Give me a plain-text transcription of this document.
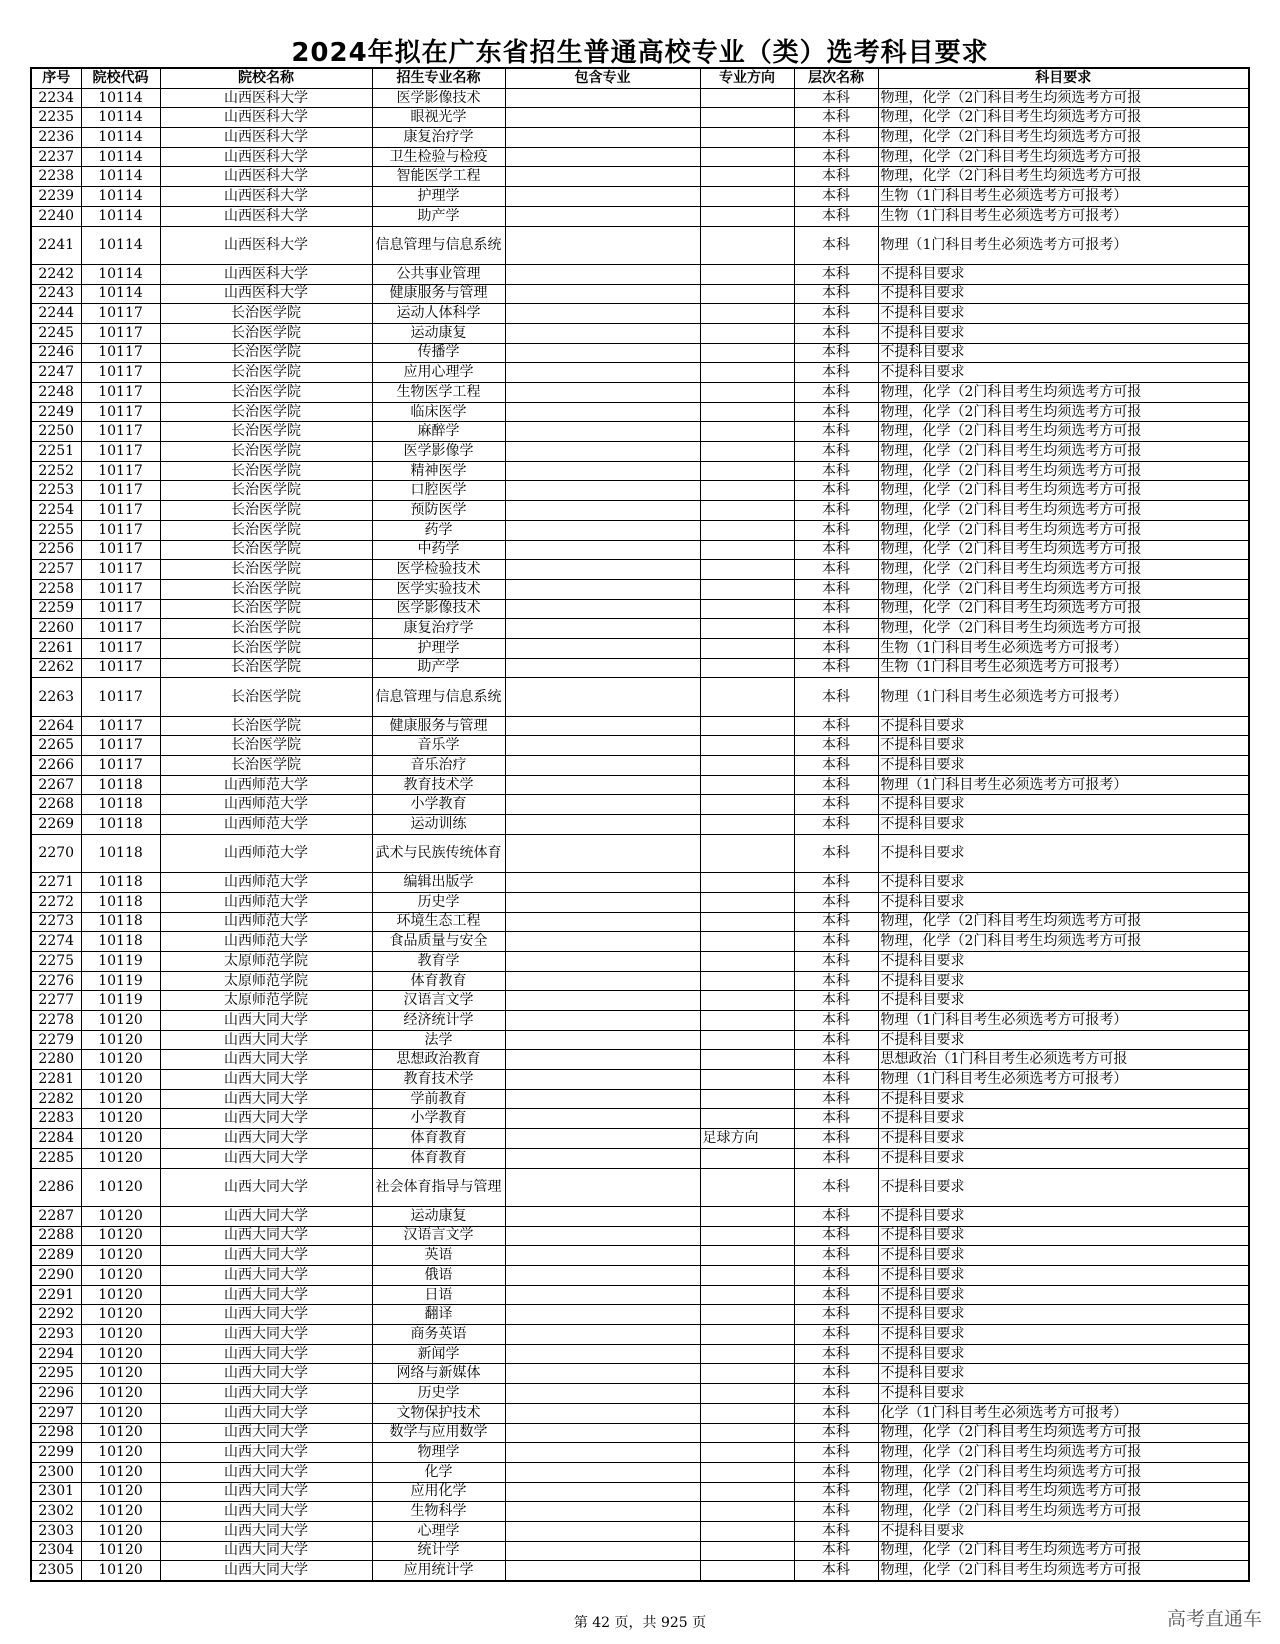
2024年拟在广东省招生普通高校专业（类）选考科目要求
序号	院校代码	院校名称	招生专业名称	包含专业	专业方向	层次名称	科目要求
2234	10114	山西医科大学	医学影像技术			本科	物理，化学（2门科目考生均须选考方可报
2235	10114	山西医科大学	眼视光学			本科	物理，化学（2门科目考生均须选考方可报
2236	10114	山西医科大学	康复治疗学			本科	物理，化学（2门科目考生均须选考方可报
2237	10114	山西医科大学	卫生检验与检疫			本科	物理，化学（2门科目考生均须选考方可报
2238	10114	山西医科大学	智能医学工程			本科	物理，化学（2门科目考生均须选考方可报
2239	10114	山西医科大学	护理学			本科	生物（1门科目考生必须选考方可报考）
2240	10114	山西医科大学	助产学			本科	生物（1门科目考生必须选考方可报考）
2241	10114	山西医科大学	信息管理与信息系统			本科	物理（1门科目考生必须选考方可报考）
2242	10114	山西医科大学	公共事业管理			本科	不提科目要求
2243	10114	山西医科大学	健康服务与管理			本科	不提科目要求
2244	10117	长治医学院	运动人体科学			本科	不提科目要求
2245	10117	长治医学院	运动康复			本科	不提科目要求
2246	10117	长治医学院	传播学			本科	不提科目要求
2247	10117	长治医学院	应用心理学			本科	不提科目要求
2248	10117	长治医学院	生物医学工程			本科	物理，化学（2门科目考生均须选考方可报
2249	10117	长治医学院	临床医学			本科	物理，化学（2门科目考生均须选考方可报
2250	10117	长治医学院	麻醉学			本科	物理，化学（2门科目考生均须选考方可报
2251	10117	长治医学院	医学影像学			本科	物理，化学（2门科目考生均须选考方可报
2252	10117	长治医学院	精神医学			本科	物理，化学（2门科目考生均须选考方可报
2253	10117	长治医学院	口腔医学			本科	物理，化学（2门科目考生均须选考方可报
2254	10117	长治医学院	预防医学			本科	物理，化学（2门科目考生均须选考方可报
2255	10117	长治医学院	药学			本科	物理，化学（2门科目考生均须选考方可报
2256	10117	长治医学院	中药学			本科	物理，化学（2门科目考生均须选考方可报
2257	10117	长治医学院	医学检验技术			本科	物理，化学（2门科目考生均须选考方可报
2258	10117	长治医学院	医学实验技术			本科	物理，化学（2门科目考生均须选考方可报
2259	10117	长治医学院	医学影像技术			本科	物理，化学（2门科目考生均须选考方可报
2260	10117	长治医学院	康复治疗学			本科	物理，化学（2门科目考生均须选考方可报
2261	10117	长治医学院	护理学			本科	生物（1门科目考生必须选考方可报考）
2262	10117	长治医学院	助产学			本科	生物（1门科目考生必须选考方可报考）
2263	10117	长治医学院	信息管理与信息系统			本科	物理（1门科目考生必须选考方可报考）
2264	10117	长治医学院	健康服务与管理			本科	不提科目要求
2265	10117	长治医学院	音乐学			本科	不提科目要求
2266	10117	长治医学院	音乐治疗			本科	不提科目要求
2267	10118	山西师范大学	教育技术学			本科	物理（1门科目考生必须选考方可报考）
2268	10118	山西师范大学	小学教育			本科	不提科目要求
2269	10118	山西师范大学	运动训练			本科	不提科目要求
2270	10118	山西师范大学	武术与民族传统体育			本科	不提科目要求
2271	10118	山西师范大学	编辑出版学			本科	不提科目要求
2272	10118	山西师范大学	历史学			本科	不提科目要求
2273	10118	山西师范大学	环境生态工程			本科	物理，化学（2门科目考生均须选考方可报
2274	10118	山西师范大学	食品质量与安全			本科	物理，化学（2门科目考生均须选考方可报
2275	10119	太原师范学院	教育学			本科	不提科目要求
2276	10119	太原师范学院	体育教育			本科	不提科目要求
2277	10119	太原师范学院	汉语言文学			本科	不提科目要求
2278	10120	山西大同大学	经济统计学			本科	物理（1门科目考生必须选考方可报考）
2279	10120	山西大同大学	法学			本科	不提科目要求
2280	10120	山西大同大学	思想政治教育			本科	思想政治（1门科目考生必须选考方可报
2281	10120	山西大同大学	教育技术学			本科	物理（1门科目考生必须选考方可报考）
2282	10120	山西大同大学	学前教育			本科	不提科目要求
2283	10120	山西大同大学	小学教育			本科	不提科目要求
2284	10120	山西大同大学	体育教育		足球方向	本科	不提科目要求
2285	10120	山西大同大学	体育教育			本科	不提科目要求
2286	10120	山西大同大学	社会体育指导与管理			本科	不提科目要求
2287	10120	山西大同大学	运动康复			本科	不提科目要求
2288	10120	山西大同大学	汉语言文学			本科	不提科目要求
2289	10120	山西大同大学	英语			本科	不提科目要求
2290	10120	山西大同大学	俄语			本科	不提科目要求
2291	10120	山西大同大学	日语			本科	不提科目要求
2292	10120	山西大同大学	翻译			本科	不提科目要求
2293	10120	山西大同大学	商务英语			本科	不提科目要求
2294	10120	山西大同大学	新闻学			本科	不提科目要求
2295	10120	山西大同大学	网络与新媒体			本科	不提科目要求
2296	10120	山西大同大学	历史学			本科	不提科目要求
2297	10120	山西大同大学	文物保护技术			本科	化学（1门科目考生必须选考方可报考）
2298	10120	山西大同大学	数学与应用数学			本科	物理，化学（2门科目考生均须选考方可报
2299	10120	山西大同大学	物理学			本科	物理，化学（2门科目考生均须选考方可报
2300	10120	山西大同大学	化学			本科	物理，化学（2门科目考生均须选考方可报
2301	10120	山西大同大学	应用化学			本科	物理，化学（2门科目考生均须选考方可报
2302	10120	山西大同大学	生物科学			本科	物理，化学（2门科目考生均须选考方可报
2303	10120	山西大同大学	心理学			本科	不提科目要求
2304	10120	山西大同大学	统计学			本科	物理，化学（2门科目考生均须选考方可报
2305	10120	山西大同大学	应用统计学			本科	物理，化学（2门科目考生均须选考方可报
第 42 页，共 925 页	高考直通车
